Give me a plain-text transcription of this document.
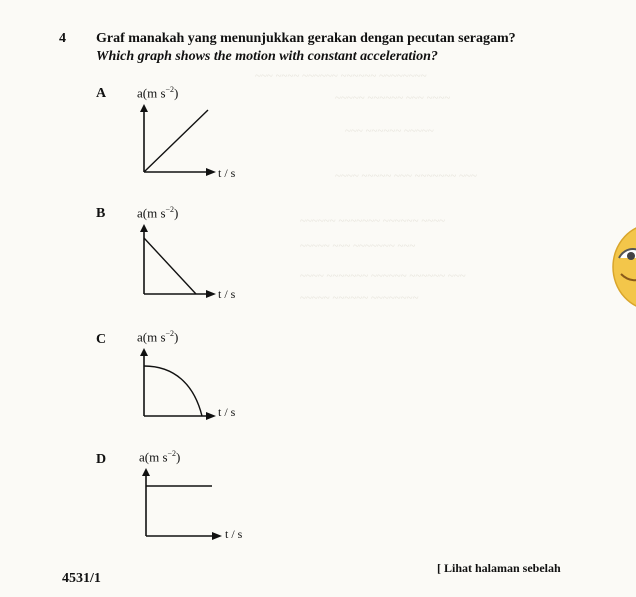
~~~ ~~~~ ~~~~~~ ~~~~~~ ~~~~~~~~
~~~~~ ~~~~~~ ~~~ ~~~~
~~~ ~~~~~~ ~~~~~
~~~~ ~~~~~ ~~~ ~~~~~~~ ~~~
~~~~~~ ~~~~~~~ ~~~~~~ ~~~~
~~~~~ ~~~ ~~~~~~~ ~~~
~~~~ ~~~~~~~ ~~~~~~ ~~~~~~ ~~~
~~~~~ ~~~~~~ ~~~~~~~~
4 Graf manakah yang menunjukkan gerakan dengan pecutan seragam?
Which graph shows the motion with constant acceleration?
A a(m $s^{-2}$)
t / s
B a(m $s^{-2}$)
t / s
C a(m $s^{-2}$)
t / s
D	a(m $s^{-2}$)
t / s
4531/1
[ Lihat halaman sebelah
